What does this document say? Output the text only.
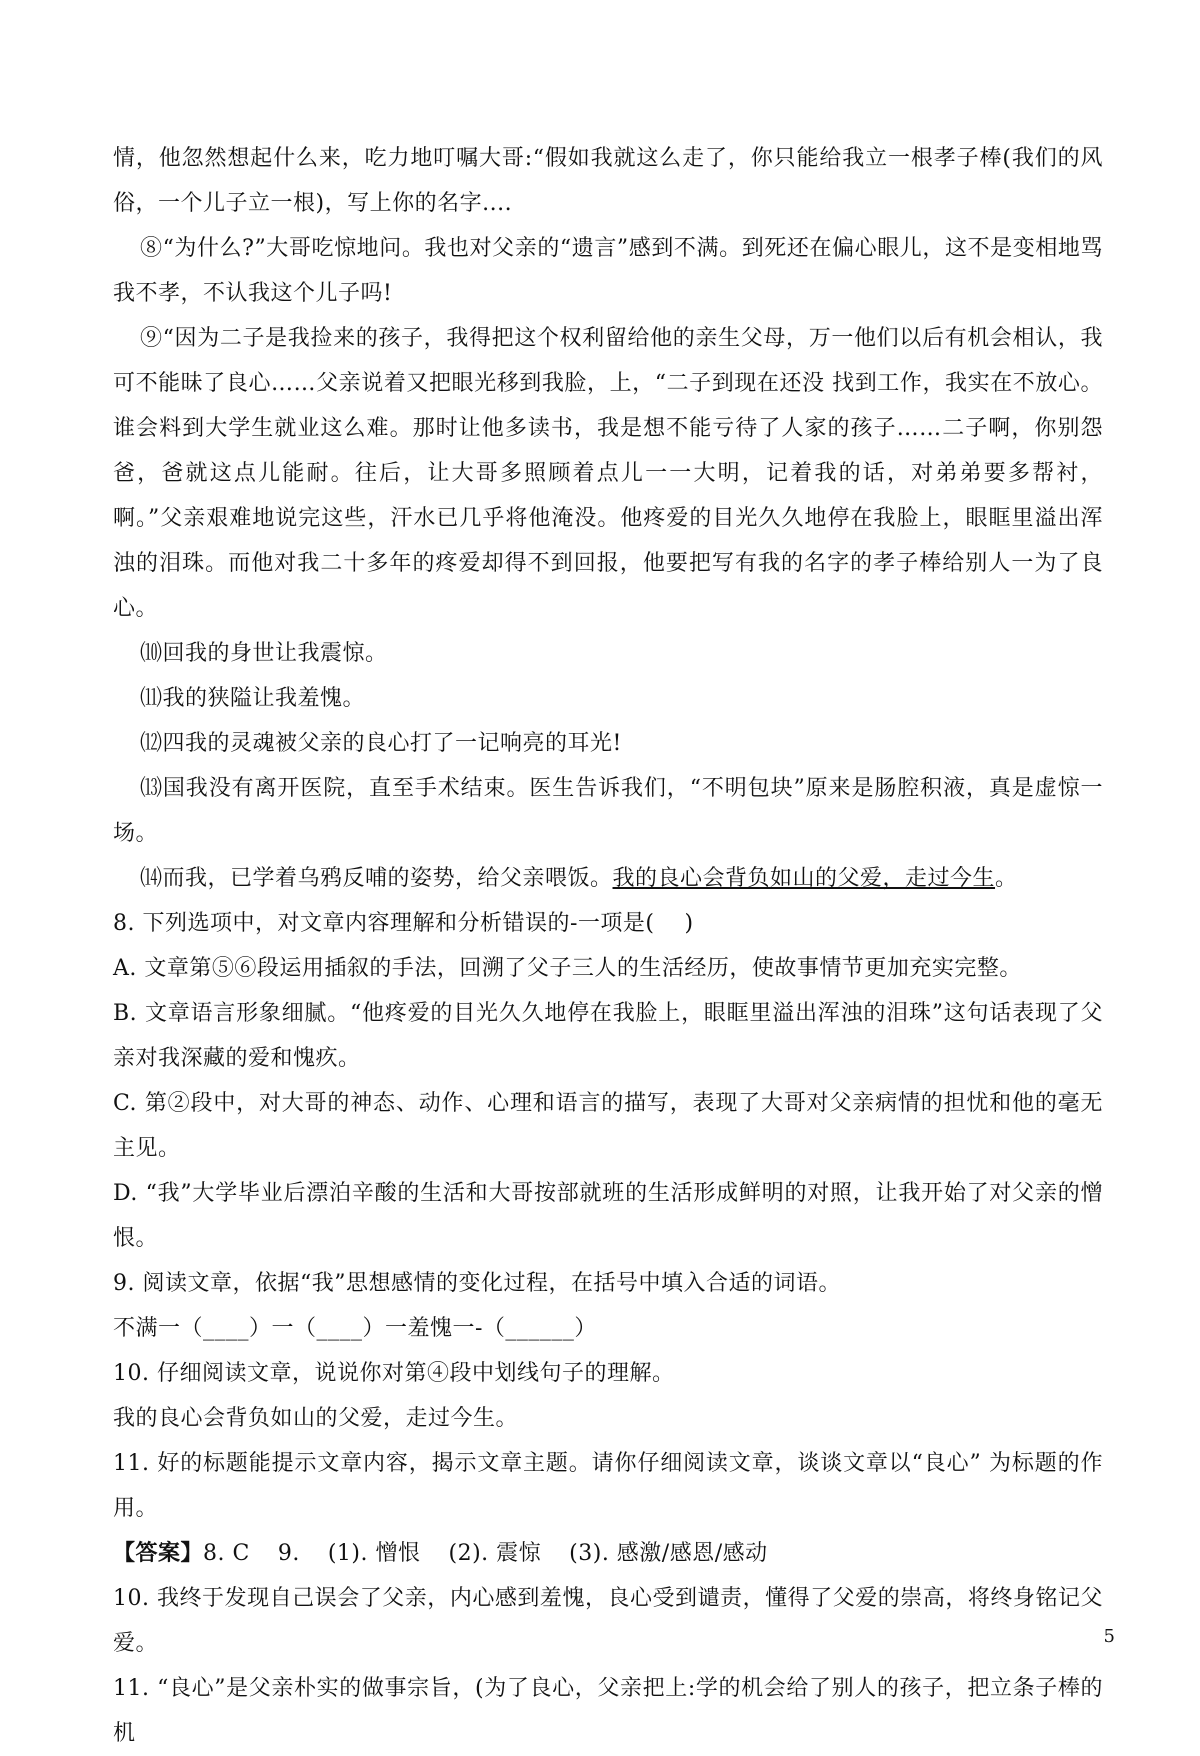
情，他忽然想起什么来，吃力地叮嘱大哥:“假如我就这么走了，你只能给我立一根孝子棒(我们的风俗，一个儿子立一根)，写上你的名字....

⑧“为什么?”大哥吃惊地问。我也对父亲的“遗言”感到不满。到死还在偏心眼儿，这不是变相地骂我不孝，不认我这个儿子吗!

⑨“因为二子是我捡来的孩子，我得把这个权利留给他的亲生父母，万一他们以后有机会相认，我可不能昧了良心……父亲说着又把眼光移到我脸，上，“二子到现在还没 找到工作，我实在不放心。谁会料到大学生就业这么难。那时让他多读书，我是想不能亏待了人家的孩子……二子啊，你别怨爸，爸就这点儿能耐。往后，让大哥多照顾着点儿一一大明，记着我的话，对弟弟要多帮衬，啊。”父亲艰难地说完这些，汗水已几乎将他淹没。他疼爱的目光久久地停在我脸上，眼眶里溢出浑浊的泪珠。而他对我二十多年的疼爱却得不到回报，他要把写有我的名字的孝子棒给别人一为了良心。

⑽回我的身世让我震惊。

⑾我的狭隘让我羞愧。

⑿四我的灵魂被父亲的良心打了一记响亮的耳光!

⒀国我没有离开医院，直至手术结束。医生告诉我们，“不明包块”原来是肠腔积液，真是虚惊一场。

⒁而我，已学着乌鸦反哺的姿势，给父亲喂饭。我的良心会背负如山的父爱，走过今生。

8. 下列选项中，对文章内容理解和分析错误的-一项是(　 )

A. 文章第⑤⑥段运用插叙的手法，回溯了父子三人的生活经历，使故事情节更加充实完整。

B. 文章语言形象细腻。“他疼爱的目光久久地停在我脸上，眼眶里溢出浑浊的泪珠”这句话表现了父亲对我深藏的爱和愧疚。

C. 第②段中，对大哥的神态、动作、心理和语言的描写，表现了大哥对父亲病情的担忧和他的毫无主见。

D. “我”大学毕业后漂泊辛酸的生活和大哥按部就班的生活形成鲜明的对照，让我开始了对父亲的憎恨。

9. 阅读文章，依据“我”思想感情的变化过程，在括号中填入合适的词语。

不满一（____）一（____）一羞愧一-（______）

10. 仔细阅读文章，说说你对第④段中划线句子的理解。

我的良心会背负如山的父爱，走过今生。

11. 好的标题能提示文章内容，揭示文章主题。请你仔细阅读文章，谈谈文章以“良心” 为标题的作用。

【答案】8. C 9. (1). 憎恨 (2). 震惊 (3). 感激/感恩/感动

10. 我终于发现自己误会了父亲，内心感到羞愧，良心受到谴责，懂得了父爱的崇高，将终身铭记父爱。

11. “良心”是父亲朴实的做事宗旨，(为了良心，父亲把上:学的机会给了别人的孩子，把立条子棒的机

5
